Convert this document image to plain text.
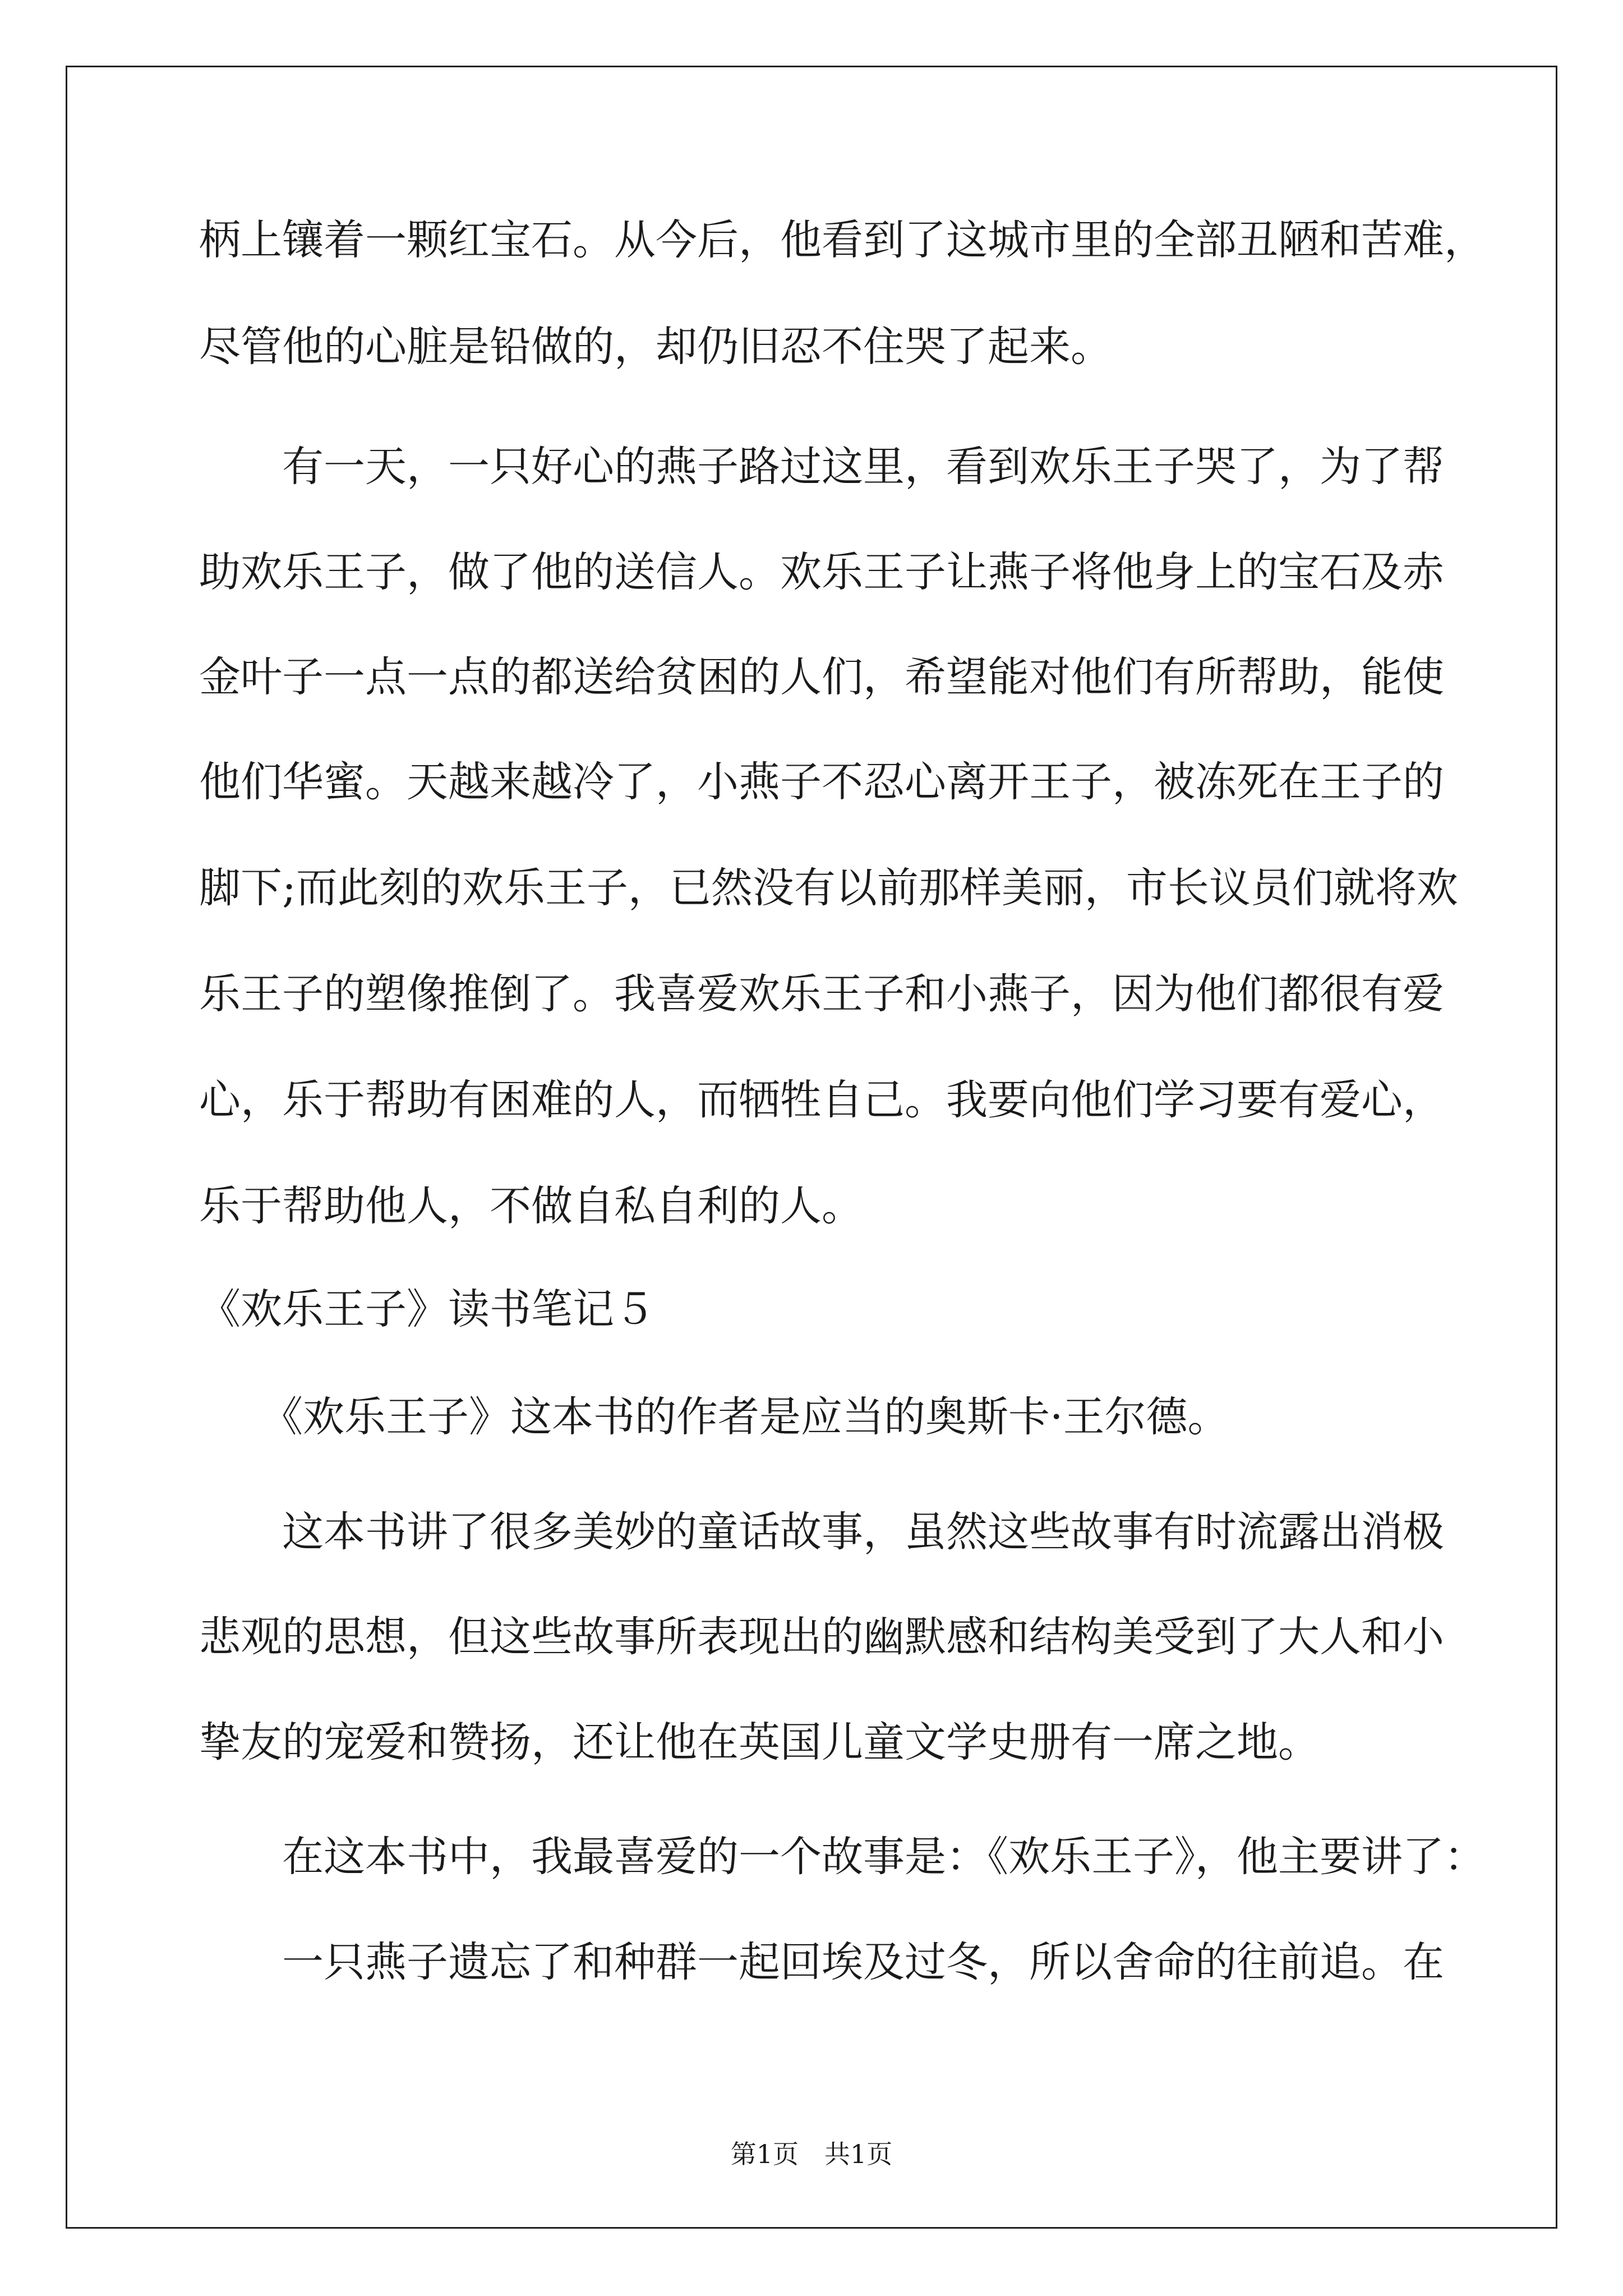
柄上镶着一颗红宝石。从今后，他看到了这城市里的全部丑陋和苦难，
尽管他的心脏是铅做的，却仍旧忍不住哭了起来。
　　有一天，一只好心的燕子路过这里，看到欢乐王子哭了，为了帮
助欢乐王子，做了他的送信人。欢乐王子让燕子将他身上的宝石及赤
金叶子一点一点的都送给贫困的人们，希望能对他们有所帮助，能使
他们华蜜。天越来越冷了，小燕子不忍心离开王子，被冻死在王子的
脚下;而此刻的欢乐王子，已然没有以前那样美丽，市长议员们就将欢
乐王子的塑像推倒了。我喜爱欢乐王子和小燕子，因为他们都很有爱
心，乐于帮助有困难的人，而牺牲自己。我要向他们学习要有爱心，
乐于帮助他人，不做自私自利的人。
《欢乐王子》读书笔记５
　　《欢乐王子》这本书的作者是应当的奥斯卡·王尔德。
　　这本书讲了很多美妙的童话故事，虽然这些故事有时流露出消极
悲观的思想，但这些故事所表现出的幽默感和结构美受到了大人和小
挚友的宠爱和赞扬，还让他在英国儿童文学史册有一席之地。
　　在这本书中，我最喜爱的一个故事是：《欢乐王子》，他主要讲了：
　　一只燕子遗忘了和种群一起回埃及过冬，所以舍命的往前追。在
第1页　共1页
